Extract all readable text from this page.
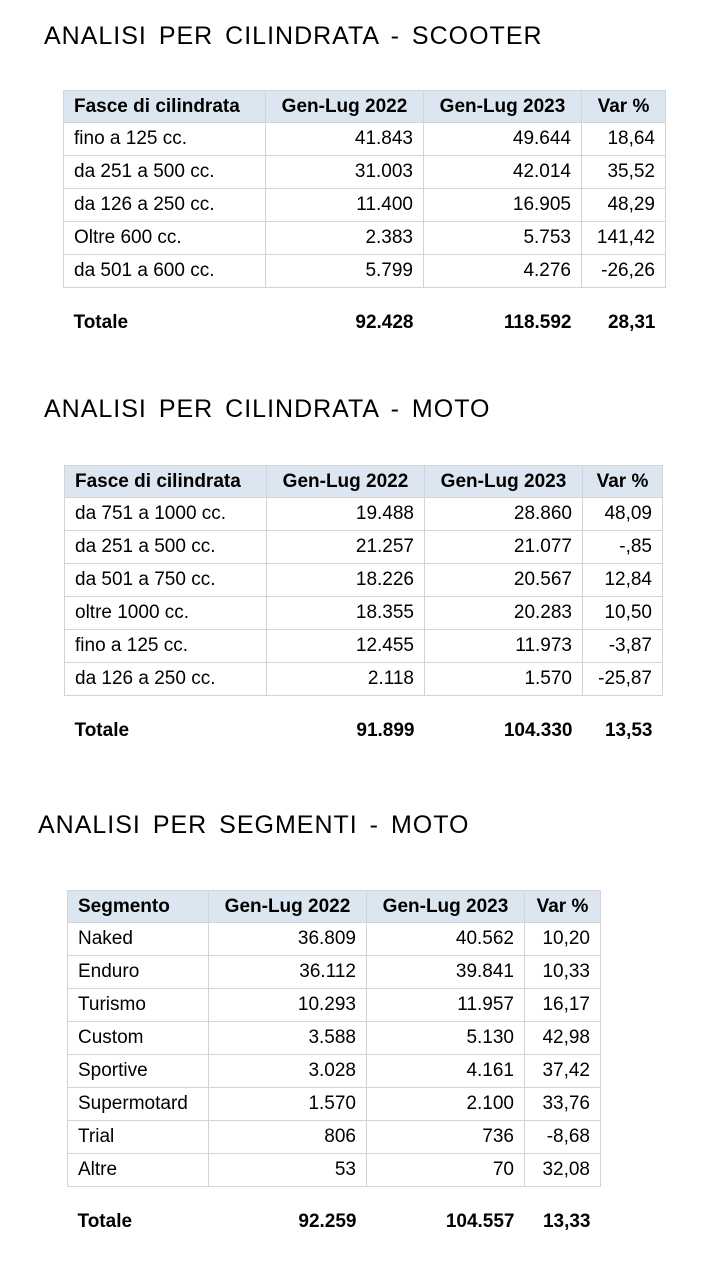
ANALISI PER CILINDRATA - SCOOTER
Fasce di cilindrata	Gen-Lug 2022	Gen-Lug 2023	Var %
fino a 125 cc.	41.843	49.644	18,64
da 251 a 500 cc.	31.003	42.014	35,52
da 126 a 250 cc.	11.400	16.905	48,29
Oltre 600 cc.	2.383	5.753	141,42
da 501 a 600 cc.	5.799	4.276	-26,26
Totale	92.428	118.592	28,31
ANALISI PER CILINDRATA - MOTO
Fasce di cilindrata	Gen-Lug 2022	Gen-Lug 2023	Var %
da 751 a 1000 cc.	19.488	28.860	48,09
da 251 a 500 cc.	21.257	21.077	-,85
da 501 a 750 cc.	18.226	20.567	12,84
oltre 1000 cc.	18.355	20.283	10,50
fino a 125 cc.	12.455	11.973	-3,87
da 126 a 250 cc.	2.118	1.570	-25,87
Totale	91.899	104.330	13,53
ANALISI PER SEGMENTI - MOTO
Segmento	Gen-Lug 2022	Gen-Lug 2023	Var %
Naked	36.809	40.562	10,20
Enduro	36.112	39.841	10,33
Turismo	10.293	11.957	16,17
Custom	3.588	5.130	42,98
Sportive	3.028	4.161	37,42
Supermotard	1.570	2.100	33,76
Trial	806	736	-8,68
Altre	53	70	32,08
Totale	92.259	104.557	13,33
